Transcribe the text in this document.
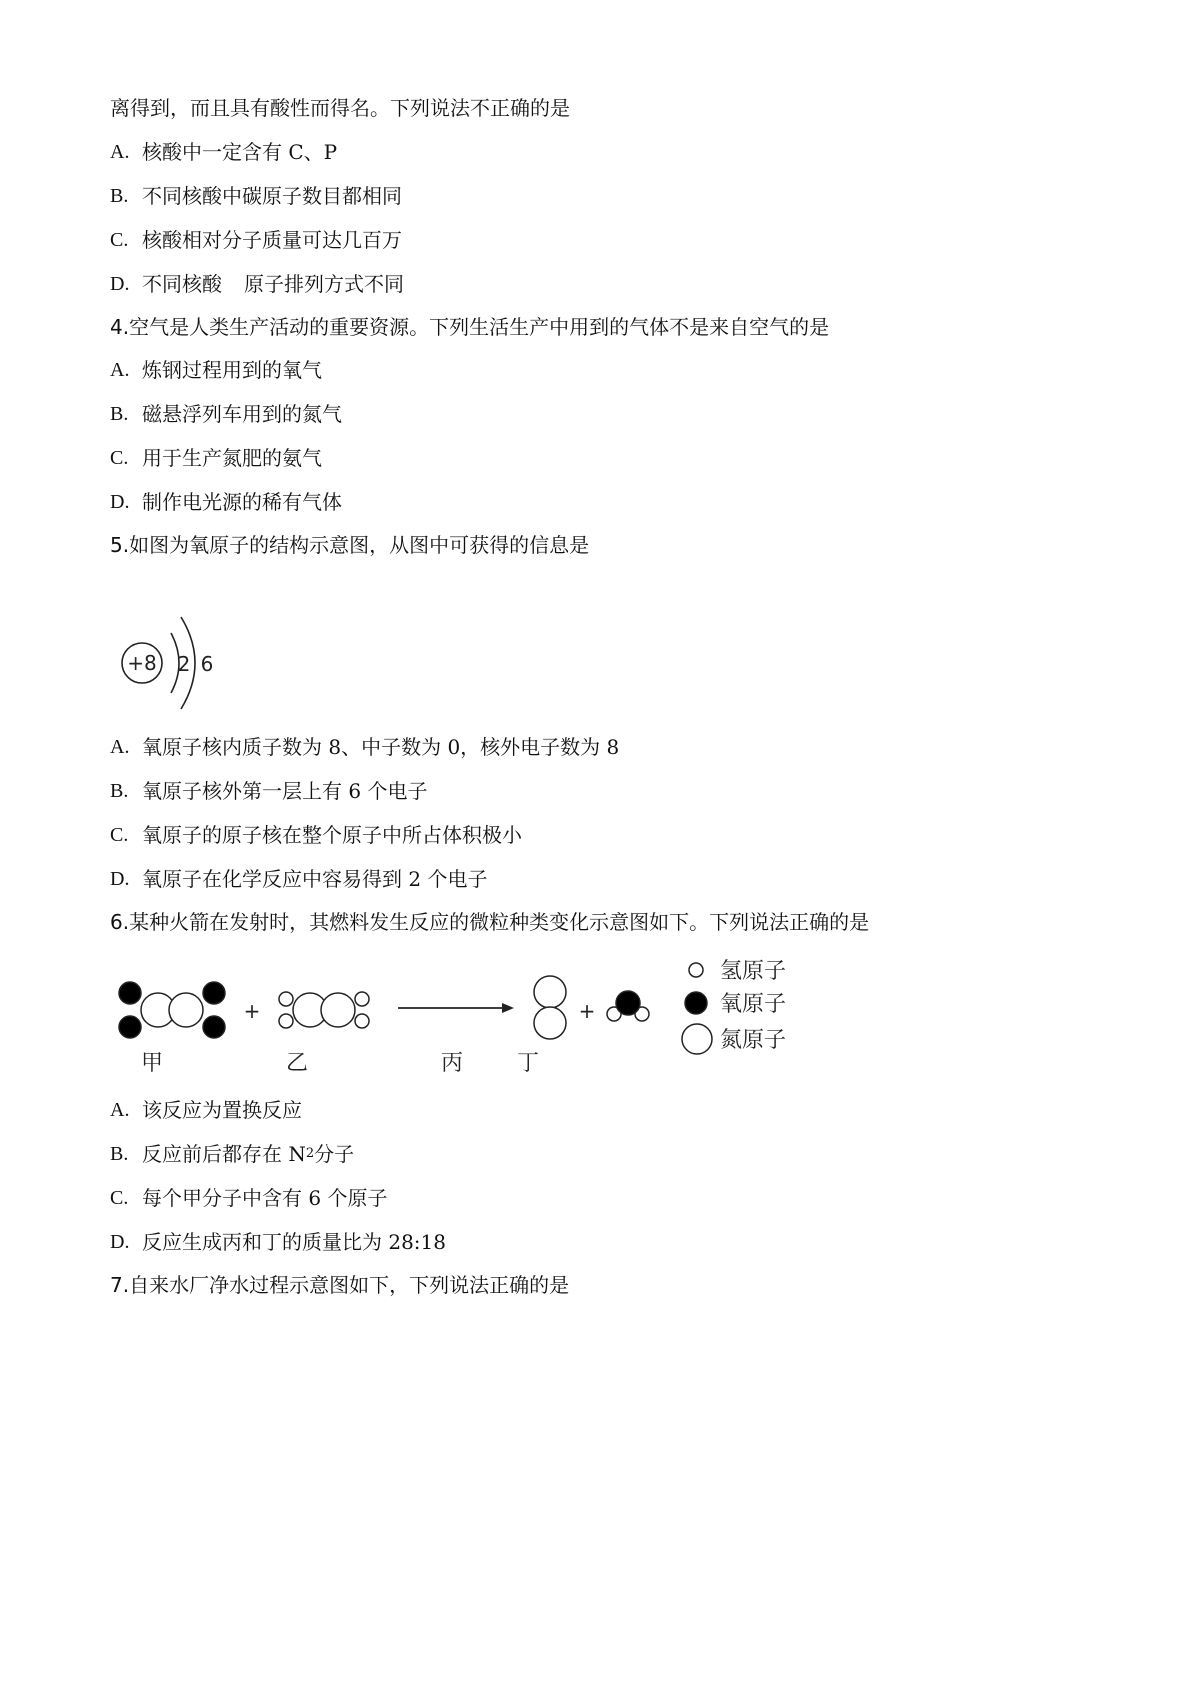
离得到，而且具有酸性而得名。下列说法不正确的是
A. 核酸中一定含有 C、P
B. 不同核酸中碳原子数目都相同
C. 核酸相对分子质量可达几百万
D. 不同核酸 原子排列方式不同
4.空气是人类生产活动的重要资源。下列生活生产中用到的气体不是来自空气的是
A. 炼钢过程用到的氧气
B. 磁悬浮列车用到的氮气
C. 用于生产氮肥的氨气
D. 制作电光源的稀有气体
5.如图为氧原子的结构示意图，从图中可获得的信息是
+8 2 6
A. 氧原子核内质子数为 8、中子数为 0，核外电子数为 8
B. 氧原子核外第一层上有 6 个电子
C. 氧原子的原子核在整个原子中所占体积极小
D. 氧原子在化学反应中容易得到 2 个电子
6.某种火箭在发射时，其燃料发生反应的微粒种类变化示意图如下。下列说法正确的是
+	+
甲	乙	丙 丁
氢原子
氧原子
氮原子
A. 该反应为置换反应
B. 反应前后都存在 N 2 分子
C. 每个甲分子中含有 6 个原子
D. 反应生成丙和丁的质量比为 28:18
7.自来水厂净水过程示意图如下，下列说法正确的是
